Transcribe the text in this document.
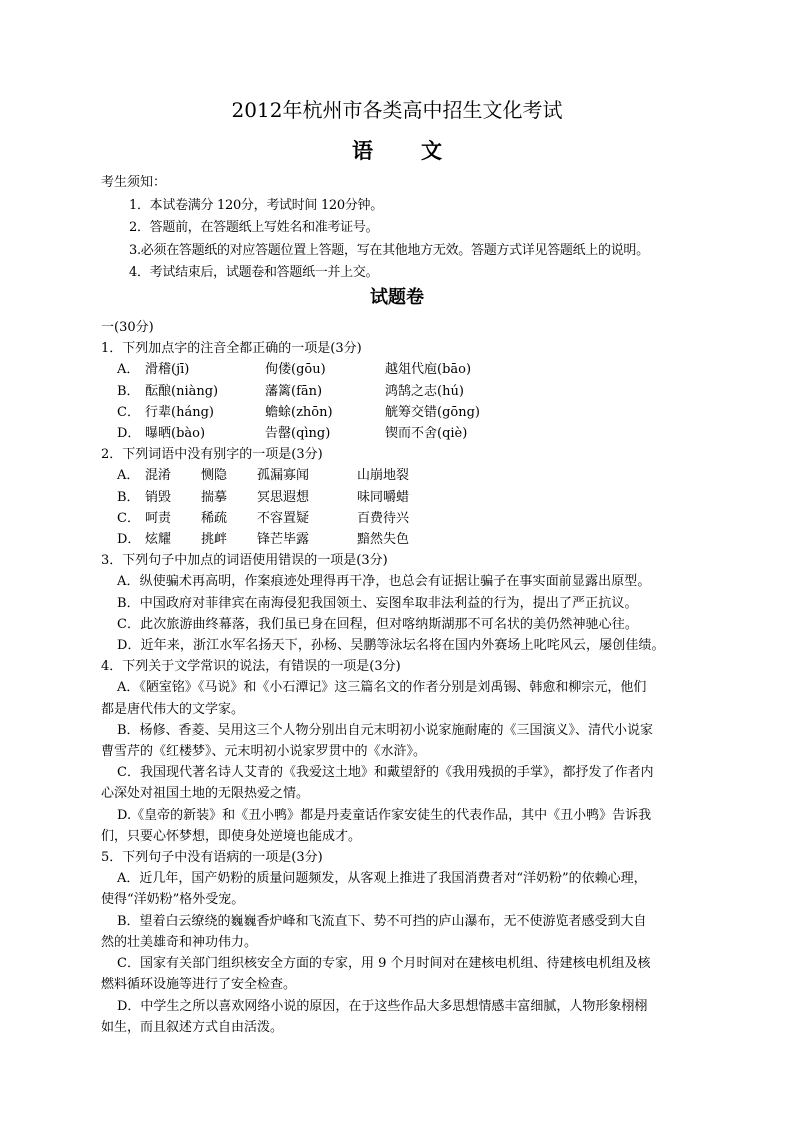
2012年杭州市各类高中招生文化考试
语文
考生须知：
1．本试卷满分 120分，考试时间 120分钟。
2．答题前，在答题纸上写姓名和准考证号。
3.必须在答题纸的对应答题位置上答题，写在其他地方无效。答题方式详见答题纸上的说明。
4．考试结束后，试题卷和答题纸一并上交。
试题卷
一(30分)
1．下列加点字的注音全都正确的一项是(3分)
A． 滑稽(jī)	佝偻(gōu)	越俎代庖(bāo)
B． 酝酿(niàng)	藩篱(fān)	鸿鹄之志(hú)
C． 行辈(háng)	蟾蜍(zhōn)	觥筹交错(gōng)
D． 曝晒(bào)	告罄(qìng)	锲而不舍(qiè)
2．下列词语中没有别字的一项是(3分)
A． 混淆 恻隐 孤漏寡闻	山崩地裂
B． 销毁 揣摹 冥思遐想	味同嚼蜡
C． 呵责 稀疏 不容置疑	百费待兴
D． 炫耀 挑衅 锋芒毕露	黯然失色
3．下列句子中加点的词语使用错误的一项是(3分)
A．纵使骗术再高明，作案痕迹处理得再干净，也总会有证据让骗子在事实面前显露出原型。
B．中国政府对菲律宾在南海侵犯我国领土、妄图牟取非法利益的行为，提出了严正抗议。
C．此次旅游曲终幕落，我们虽已身在回程，但对喀纳斯湖那不可名状的美仍然神驰心往。
D．近年来，浙江水军名扬天下，孙杨、吴鹏等泳坛名将在国内外赛场上叱咤风云，屡创佳绩。
4．下列关于文学常识的说法，有错误的一项是(3分)
A．《陋室铭》《马说》和《小石潭记》这三篇名文的作者分别是刘禹锡、韩愈和柳宗元，他们
都是唐代伟大的文学家。
B．杨修、香菱、吴用这三个人物分别出自元末明初小说家施耐庵的《三国演义》、清代小说家
曹雪芹的《红楼梦》、元末明初小说家罗贯中的《水浒》。
C．我国现代著名诗人艾青的《我爱这土地》和戴望舒的《我用残损的手掌》，都抒发了作者内
心深处对祖国土地的无限热爱之情。
D.《皇帝的新装》和《丑小鸭》都是丹麦童话作家安徒生的代表作品，其中《丑小鸭》告诉我
们，只要心怀梦想，即使身处逆境也能成才。
5．下列句子中没有语病的一项是(3分)
A．近几年，国产奶粉的质量问题频发，从客观上推进了我国消费者对“洋奶粉”的依赖心理，
使得“洋奶粉”格外受宠。
B．望着白云缭绕的巍巍香炉峰和飞流直下、势不可挡的庐山瀑布，无不使游览者感受到大自
然的壮美雄奇和神功伟力。
C．国家有关部门组织核安全方面的专家，用 9 个月时间对在建核电机组、待建核电机组及核
燃料循环设施等进行了安全检查。
D．中学生之所以喜欢网络小说的原因，在于这些作品大多思想情感丰富细腻，人物形象栩栩
如生，而且叙述方式自由活泼。
